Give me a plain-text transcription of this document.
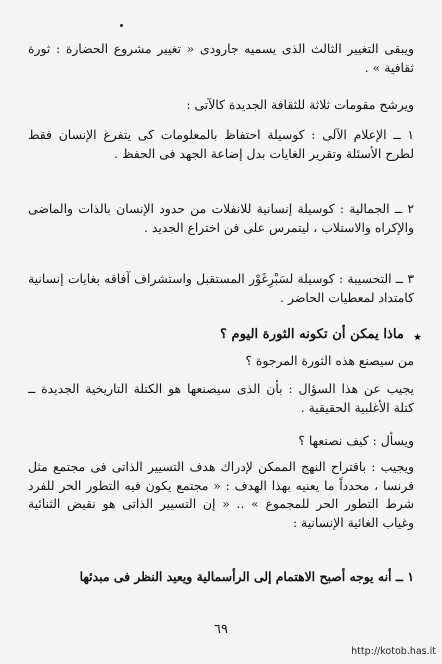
ويبقى التغيير الثالث الذى يسميه جارودى « تغيير مشروع الحضارة : ثورة ثقافية » .

ويرشح مقومات ثلاثة للثقافة الجديدة كالآتى :

١ ــ الإعلام الآلى : كوسيلة احتفاظ بالمعلومات كى يتفرغ الإنسان فقط لطرح الأسئلة وتقرير الغايات بدل إضاعة الجهد فى الحفظ .

٢ ــ الجمالية : كوسيلة إنسانية للانفلات من حدود الإنسان بالذات والماضى والإكراه والاستلاب ، ليتمرس على فن اختراع الجديد .

٣ ــ التحسيبة : كوسيلة لسَبْرِغَوْر المستقبل واستشراف آفاقه بغايات إنسانية كامتداد لمعطيات الحاضر .

٭

ماذا يمكن أن تكونه الثورة اليوم ؟

من سيصنع هذه الثورة المرجوة ؟

يجيب عن هذا السؤال : بأن الذى سيصنعها هو الكتلة التاريخية الجديدة ــ كتلة الأغلبية الحقيقية .

ويسأل : كيف نصنعها ؟

ويجيب : باقتراح النهج الممكن لإدراك هدف التسيير الذاتى فى مجتمع مثل فرنسا ، محدداً ما يعنيه بهذا الهدف : « مجتمع يكون فيه التطور الحر للفرد شرط التطور الحر للمجموع » .. « إن التسيير الذاتى هو نقيض الثنائية وغياب الغائية الإنسانية :

١ ــ أنه يوجه أصبح الاهتمام إلى الرأسمالية ويعيد النظر فى مبدئها

٦٩
http://kotob.has.it
